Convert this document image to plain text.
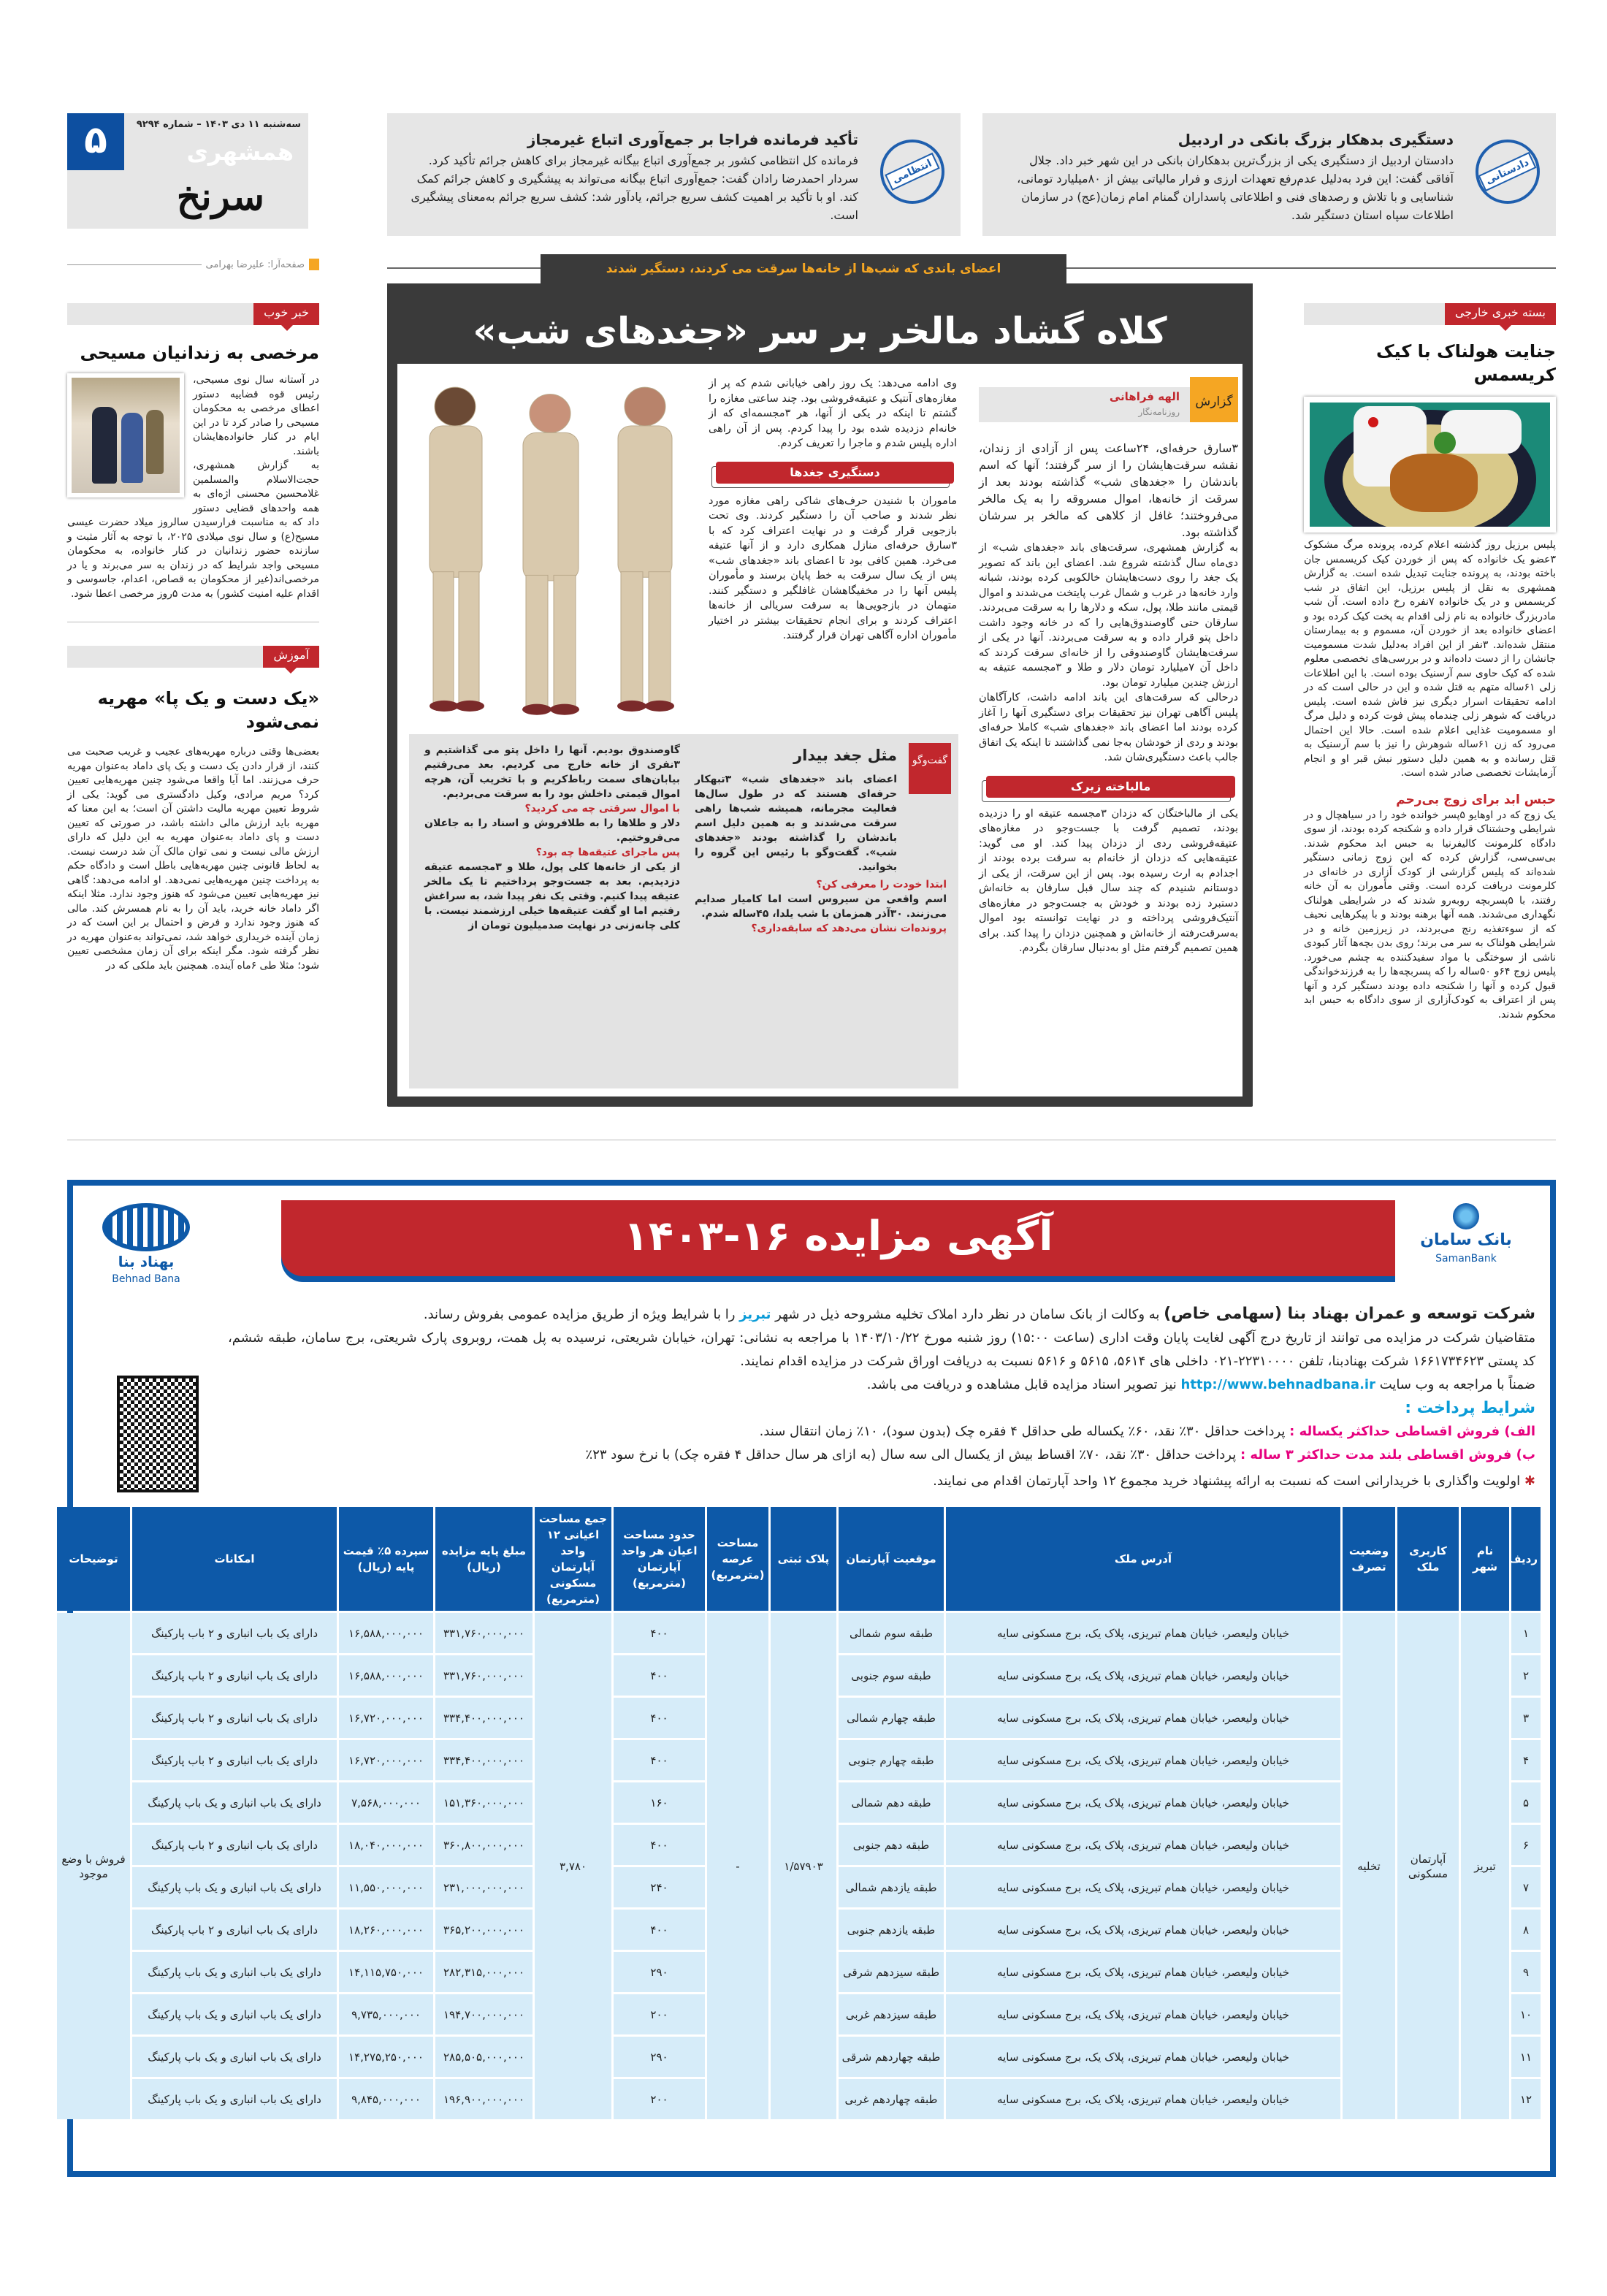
۵	سه‌شنبه ۱۱ دی ۱۴۰۳ – شماره ۹۲۹۴
همشهری
سرنخ
صفحه‌آرا: علیرضا بهرامی
دادستانی
دستگیری بدهکار بزرگ بانکی در اردبیل

دادستان اردبیل از دستگیری یکی از بزرگ‌ترین بدهکاران بانکی در این شهر خبر داد. جلال آفاقی گفت: این فرد به‌دلیل عدم‌رفع تعهدات ارزی و فرار مالیاتی بیش از ۸۰میلیارد تومانی، شناسایی و با تلاش و رصدهای فنی و اطلاعاتی پاسداران گمنام امام زمان(عج) در سازمان اطلاعات سپاه استان دستگیر شد.

انتظامی
تأکید فرمانده فراجا بر جمع‌آوری اتباع غیرمجاز

فرمانده کل انتظامی کشور بر جمع‌آوری اتباع بیگانه غیرمجاز برای کاهش جرائم تأکید کرد. سردار احمدرضا رادان گفت: جمع‌آوری اتباع بیگانه می‌تواند به پیشگیری و کاهش جرائم کمک کند. او با تأکید بر اهمیت کشف سریع جرائم، یادآور شد: کشف سریع جرائم به‌معنای پیشگیری است.

خبر خوب
مرخصی به زندانیان مسیحی

در آستانه سال نوی مسیحی، رئیس قوه قضاییه دستور اعطای مرخصی به محکومان مسیحی را صادر کرد تا در این ایام در کنار خانواده‌هایشان باشند.

به گزارش همشهری، حجت‌الاسلام والمسلمین غلامحسین محسنی اژه‌ای به همه واحدهای قضایی دستور داد که به مناسبت فرارسیدن سالروز میلاد حضرت عیسی مسیح(ع) و سال نوی میلادی ۲۰۲۵، با توجه به آثار مثبت و سازنده حضور زندانیان در کنار خانواده، به محکومان مسیحی واجد شرایط که در زندان به سر می‌برند و یا در مرخصی‌اند(غیر از محکومان به قصاص، اعدام، جاسوسی و اقدام علیه امنیت کشور) به مدت ۵روز مرخصی اعطا شود.

آموزش
«یک دست و یک پا» مهریه نمی‌شود

بعضی‌ها وقتی درباره مهریه‌های عجیب و غریب صحبت می کنند، از قرار دادن یک دست و یک پای داماد به‌عنوان مهریه حرف می‌زنند. اما آیا واقعا می‌شود چنین مهریه‌هایی تعیین کرد؟ مریم مرادی، وکیل دادگستری می گوید: یکی از شروط تعیین مهریه مالیت داشتن آن است؛ به این معنا که مهریه باید ارزش مالی داشته باشد، در صورتی که تعیین دست و پای داماد به‌عنوان مهریه به این دلیل که دارای ارزش مالی نیست و نمی توان مالک آن شد درست نیست. به لحاظ قانونی چنین مهریه‌هایی باطل است و دادگاه حکم به پرداخت چنین مهریه‌هایی نمی‌دهد. او ادامه می‌دهد: گاهی نیز مهریه‌هایی تعیین می‌شود که هنوز وجود ندارد. مثلا اینکه اگر داماد خانه خرید، باید آن را به نام همسرش کند. مالی که هنوز وجود ندارد و فرض و احتمال بر این است که در زمان آینده خریداری خواهد شد، نمی‌تواند به‌عنوان مهریه در نظر گرفته شود. مگر اینکه برای آن زمان مشخصی تعیین شود؛ مثلا طی ۶ماه آینده. همچنین باید ملکی که در

بسته خبری خارجی
جنایت هولناک با کیک کریسمس

پلیس برزیل روز گذشته اعلام کرده، پرونده مرگ مشکوک ۳عضو یک خانواده که پس از خوردن کیک کریسمس جان باخته بودند، به پرونده جنایت تبدیل شده است. به گزارش همشهری به نقل از پلیس برزیل، این اتفاق در شب کریسمس و در یک خانواده ۷نفره رخ داده است. آن شب مادربزرگ خانواده به نام زلی اقدام به پخت کیک کرده بود و اعضای خانواده بعد از خوردن آن، مسموم و به بیمارستان منتقل شده‌اند. ۳نفر از این افراد به‌دلیل شدت مسمومیت جانشان را از دست داده‌اند و در بررسی‌های تخصصی معلوم شده که کیک حاوی سم آرسنیک بوده است. با این اطلاعات زلی ۶۱ساله متهم به قتل شده و این در حالی است که در ادامه تحقیقات اسرار دیگری نیز فاش شده است. پلیس دریافت که شوهر زلی چندماه پیش فوت کرده و دلیل مرگ او مسمومیت غذایی اعلام شده است. حالا این احتمال می‌رود که زن ۶۱ساله شوهرش را نیز با سم آرسنیک به قتل رسانده و به همین دلیل دستور نبش قبر او و انجام آزمایشات تخصصی صادر شده است.

حبس ابد برای زوج بی‌رحم

یک زوج که در اوهایو ۵پسر خوانده خود را در سیاهچال و در شرایطی وحشتناک قرار داده و شکنجه کرده بودند، از سوی دادگاه کلرمونت کالیفرنیا به حبس ابد محکوم شدند. بی‌سی‌سی، گزارش کرده که این زوج زمانی دستگیر شده‌اند که پلیس گزارشی از کودک آزاری در خانه‌ای در کلرمونت دریافت کرده است. وقتی مأموران به آن خانه رفتند، با ۵پسربچه روبه‌رو شدند که در شرایطی هولناک نگهداری می‌شدند. همه آنها برهنه بودند و با پیکرهایی نحیف که از سوءتغذیه رنج می‌بردند، در زیرزمین خانه و در شرایطی هولناک به سر می برند؛ روی بدن بچه‌ها آثار کبودی ناشی از سوختگی با مواد سفیدکننده به چشم می‌خورد. پلیس زوج ۶۴و ۵۰ساله را که پسربچه‌ها را به فرزندخواندگی قبول کرده و آنها را شکنجه داده بودند دستگیر کرد و آنها پس از اعتراف به کودک‌آزاری از سوی دادگاه به حبس ابد محکوم شدند.

کلاه گشاد مالخر بر سر «جغدهای شب»
اعضای باندی که شب‌ها از خانه‌ها سرقت می کردند، دستگیر شدند
گزارش
الهه فراهانی
روزنامه‌نگار

۳سارق حرفه‌ای، ۲۴ساعت پس از آزادی از زندان، نقشه سرقت‌هایشان را از سر گرفتند؛ آنها که اسم باندشان را «جغدهای شب» گذاشته بودند بعد از سرقت از خانه‌ها، اموال مسروقه را به یک مالخر می‌فروختند؛ غافل از کلاهی که مالخر بر سرشان گذاشته بود.

به گزارش همشهری، سرقت‌های باند «جغدهای شب» از دی‌ماه سال گذشته شروع شد. اعضای این باند که تصویر یک جغد را روی دست‌هایشان خالکوبی کرده بودند، شبانه وارد خانه‌ها در غرب و شمال غرب پایتخت می‌شدند و اموال قیمتی مانند طلا، پول، سکه و دلارها را به سرقت می‌بردند. سارقان حتی گاوصندوق‌هایی را که در خانه وجود داشت داخل پتو قرار داده و به سرقت می‌بردند. آنها در یکی از سرقت‌هایشان گاوصندوقی را از خانه‌ای سرقت کردند که داخل آن ۷میلیارد تومان دلار و طلا و ۳مجسمه عتیقه به ارزش چندین میلیارد تومان بود.

درحالی که سرقت‌های این باند ادامه داشت، کارآگاهان پلیس آگاهی تهران نیز تحقیقات برای دستگیری آنها را آغاز کرده بودند اما اعضای باند «جغدهای شب» کاملا حرفه‌ای بودند و ردی از خودشان به‌جا نمی گذاشتند تا اینکه یک اتفاق جالب باعث دستگیری‌شان شد.

مالباخته زیرک

یکی از مالباختگان که دزدان ۳مجسمه عتیقه او را دزدیده بودند، تصمیم گرفت با جست‌وجو در مغازه‌های عتیقه‌فروشی ردی از دزدان پیدا کند. او می گوید: عتیقه‌هایی که دزدان از خانه‌ام به سرقت برده بودند از اجدادم به ارث رسیده بود. پس از این سرقت، از یکی از دوستانم شنیدم که چند سال قبل سارقان به خانه‌اش دستبرد زده بودند و خودش به جست‌وجو در مغازه‌های آنتیک‌فروشی پرداخته و در نهایت توانسته بود اموال به‌سرقت‌رفته از خانه‌اش و همچنین دزدان را پیدا کند. برای همین تصمیم گرفتم مثل او به‌دنبال سارقان بگردم.

وی ادامه می‌دهد: یک روز راهی خیابانی شدم که پر از مغازه‌های آنتیک و عتیقه‌فروشی بود. چند ساعتی مغازه را گشتم تا اینکه در یکی از آنها، هر ۳مجسمه‌ای که از خانه‌ام دزدیده شده بود را پیدا کردم. پس از آن راهی اداره پلیس شدم و ماجرا را تعریف کردم.

دستگیری جغدها

ماموران با شنیدن حرف‌های شاکی راهی مغازه مورد نظر شدند و صاحب آن را دستگیر کردند. وی تحت بازجویی قرار گرفت و در نهایت اعتراف کرد که با ۳سارق حرفه‌ای منازل همکاری دارد و از آنها عتیقه می‌خرد. همین کافی بود تا اعضای باند «جغدهای شب» پس از یک سال سرقت به خط پایان برسند و مأموران پلیس آنها را در مخفیگاهشان غافلگیر و دستگیر کنند. متهمان در بازجویی‌ها به سرقت سریالی از خانه‌ها اعتراف کردند و برای انجام تحقیقات بیشتر در اختیار مأموران اداره آگاهی تهران قرار گرفتند.

گفت‌وگو
مثل جغد بیدار

اعضای باند «جغدهای شب» ۳تبهکار حرفه‌ای هستند که در طول سال‌ها فعالیت مجرمانه، همیشه شب‌ها راهی سرقت می‌شدند و به همین دلیل اسم باندشان را گذاشته بودند «جغدهای شب». گفت‌وگو با رئیس این گروه را بخوانید.

ابتدا خودت را معرفی کن؟

اسم واقعی من سیروس است اما کامیار صدایم می‌زنند. ۳۰آذر همزمان با شب یلدا، ۴۵ساله شدم.

پرونده‌ات نشان می‌دهد که سابقه‌داری؟

گاوصندوق بودیم. آنها را داخل پتو می گذاشتیم و ۳نفری از خانه خارج می کردیم. بعد می‌رفتیم بیابان‌های سمت رباط‌کریم و با تخریب آن، هرچه اموال قیمتی داخلش بود را به سرقت می‌بردیم.

با اموال سرقتی چه می کردید؟

دلار و طلاها را به طلافروش و اسناد را به جاعلان می‌فروختیم.

پس ماجرای عتیقه‌ها چه بود؟

از یکی از خانه‌ها کلی پول، طلا و ۳مجسمه عتیقه دزدیدیم. بعد به جست‌وجو پرداختیم تا یک مالخر عتیقه پیدا کنیم. وقتی یک نفر پیدا شد، به سراغش رفتیم اما او گفت عتیقه‌ها خیلی ارزشمند نیست. با کلی چانه‌زنی در نهایت صدمیلیون تومان از

آگهی مزایده ۱۶-۱۴۰۳	بانک سامان
SamanBank
بهناد بنا
Behnad Bana
شرکت توسعه و عمران بهناد بنا (سهامی خاص) به وکالت از بانک سامان در نظر دارد املاک تخلیه مشروحه ذیل در شهر تبریز را با شرایط ویژه از طریق مزایده عمومی بفروش رساند.
متقاضیان شرکت در مزایده می توانند از تاریخ درج آگهی لغایت پایان وقت اداری (ساعت ۱۵:۰۰) روز شنبه مورخ ۱۴۰۳/۱۰/۲۲ با مراجعه به نشانی: تهران، خیابان شریعتی، نرسیده به پل همت، روبروی پارک شریعتی، برج سامان، طبقه ششم، کد پستی ۱۶۶۱۷۳۴۶۲۳ شرکت بهنادبنا، تلفن ۲۲۳۱۰۰۰۰-۰۲۱ داخلی های ۵۶۱۴، ۵۶۱۵ و ۵۶۱۶ نسبت به دریافت اوراق شرکت در مزایده اقدام نمایند.
ضمناً با مراجعه به وب سایت http://www.behnadbana.ir نیز تصویر اسناد مزایده قابل مشاهده و دریافت می باشد.
شرایط پرداخت :
الف) فروش اقساطی حداکثر یکساله : پرداخت حداقل ۳۰٪ نقد، ۶۰٪ یکساله طی حداقل ۴ فقره چک (بدون سود)، ۱۰٪ زمان انتقال سند.
ب) فروش اقساطی بلند مدت حداکثر ۳ ساله : پرداخت حداقل ۳۰٪ نقد، ۷۰٪ اقساط بیش از یکسال الی سه سال (به ازای هر سال حداقل ۴ فقره چک) با نرخ سود ۲۳٪
✱ اولویت واگذاری با خریدارانی است که نسبت به ارائه پیشنهاد خرید مجموع ۱۲ واحد آپارتمان اقدام می نمایند.
ردیف	نام شهر	کاربری ملک	وضعیت تصرف	آدرس ملک	موقعیت آپارتمان	پلاک ثبتی	مساحت عرصه (مترمربع)	حدود مساحت اعیان هر واحد آپارتمان (مترمربع)	جمع مساحت اعیانی ۱۲ واحد آپارتمان مسکونی (مترمربع)	مبلغ پایه مزایده (ریال)	سپرده ۵٪ قیمت پایه (ریال)	امکانات	توضیحات
۱	تبریز	آپارتمان مسکونی	تخلیه	خیابان ولیعصر، خیابان همام تبریزی، پلاک یک، برج مسکونی سایه	طبقه سوم شمالی	۱/۵۷۹۰۳	-	۴۰۰	۳,۷۸۰	۳۳۱,۷۶۰,۰۰۰,۰۰۰	۱۶,۵۸۸,۰۰۰,۰۰۰	دارای یک باب انباری و ۲ باب پارکینگ	فروش با وضع موجود
۲				خیابان ولیعصر، خیابان همام تبریزی، پلاک یک، برج مسکونی سایه	طبقه سوم جنوبی			۴۰۰		۳۳۱,۷۶۰,۰۰۰,۰۰۰	۱۶,۵۸۸,۰۰۰,۰۰۰	دارای یک باب انباری و ۲ باب پارکینگ	
۳				خیابان ولیعصر، خیابان همام تبریزی، پلاک یک، برج مسکونی سایه	طبقه چهارم شمالی			۴۰۰		۳۳۴,۴۰۰,۰۰۰,۰۰۰	۱۶,۷۲۰,۰۰۰,۰۰۰	دارای یک باب انباری و ۲ باب پارکینگ	
۴				خیابان ولیعصر، خیابان همام تبریزی، پلاک یک، برج مسکونی سایه	طبقه چهارم جنوبی			۴۰۰		۳۳۴,۴۰۰,۰۰۰,۰۰۰	۱۶,۷۲۰,۰۰۰,۰۰۰	دارای یک باب انباری و ۲ باب پارکینگ	
۵				خیابان ولیعصر، خیابان همام تبریزی، پلاک یک، برج مسکونی سایه	طبقه دهم شمالی			۱۶۰		۱۵۱,۳۶۰,۰۰۰,۰۰۰	۷,۵۶۸,۰۰۰,۰۰۰	دارای یک باب انباری و یک باب پارکینگ	
۶				خیابان ولیعصر، خیابان همام تبریزی، پلاک یک، برج مسکونی سایه	طبقه دهم جنوبی			۴۰۰		۳۶۰,۸۰۰,۰۰۰,۰۰۰	۱۸,۰۴۰,۰۰۰,۰۰۰	دارای یک باب انباری و ۲ باب پارکینگ	
۷				خیابان ولیعصر، خیابان همام تبریزی، پلاک یک، برج مسکونی سایه	طبقه یازدهم شمالی			۲۴۰		۲۳۱,۰۰۰,۰۰۰,۰۰۰	۱۱,۵۵۰,۰۰۰,۰۰۰	دارای یک باب انباری و یک باب پارکینگ	
۸				خیابان ولیعصر، خیابان همام تبریزی، پلاک یک، برج مسکونی سایه	طبقه یازدهم جنوبی			۴۰۰		۳۶۵,۲۰۰,۰۰۰,۰۰۰	۱۸,۲۶۰,۰۰۰,۰۰۰	دارای یک باب انباری و ۲ باب پارکینگ	
۹				خیابان ولیعصر، خیابان همام تبریزی، پلاک یک، برج مسکونی سایه	طبقه سیزدهم شرقی			۲۹۰		۲۸۲,۳۱۵,۰۰۰,۰۰۰	۱۴,۱۱۵,۷۵۰,۰۰۰	دارای یک باب انباری و یک باب پارکینگ	
۱۰				خیابان ولیعصر، خیابان همام تبریزی، پلاک یک، برج مسکونی سایه	طبقه سیزدهم غربی			۲۰۰		۱۹۴,۷۰۰,۰۰۰,۰۰۰	۹,۷۳۵,۰۰۰,۰۰۰	دارای یک باب انباری و یک باب پارکینگ	
۱۱				خیابان ولیعصر، خیابان همام تبریزی، پلاک یک، برج مسکونی سایه	طبقه چهاردهم شرقی			۲۹۰		۲۸۵,۵۰۵,۰۰۰,۰۰۰	۱۴,۲۷۵,۲۵۰,۰۰۰	دارای یک باب انباری و یک باب پارکینگ	
۱۲				خیابان ولیعصر، خیابان همام تبریزی، پلاک یک، برج مسکونی سایه	طبقه چهاردهم غربی			۲۰۰		۱۹۶,۹۰۰,۰۰۰,۰۰۰	۹,۸۴۵,۰۰۰,۰۰۰	دارای یک باب انباری و یک باب پارکینگ	
